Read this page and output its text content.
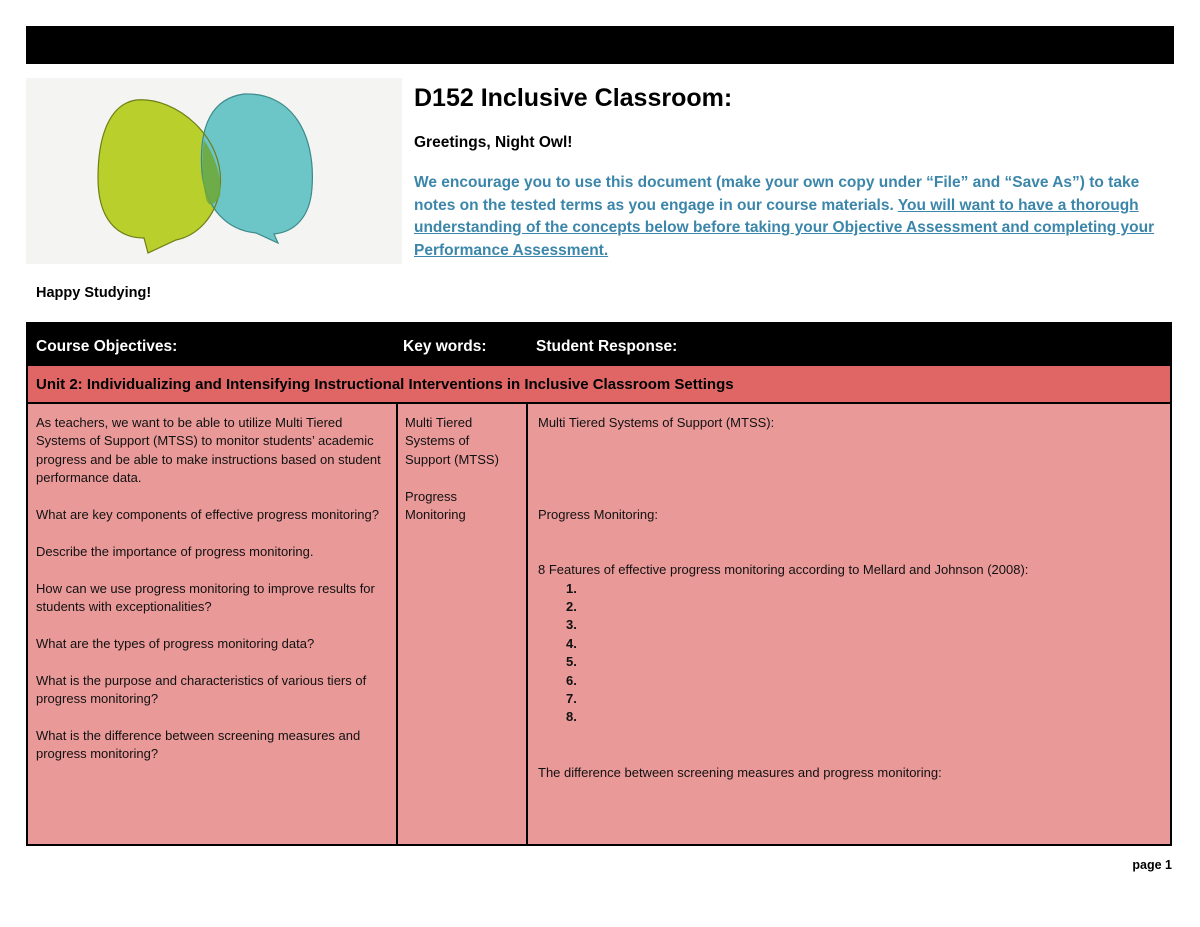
D152 Inclusive Classroom:
Greetings, Night Owl!
We encourage you to use this document (make your own copy under “File” and “Save As”) to take notes on the tested terms as you engage in our course materials. You will want to have a thorough understanding of the concepts below before taking your Objective Assessment and completing your Performance Assessment.
Happy Studying!
Course Objectives:	Key words:	Student Response:
Unit 2: Individualizing and Intensifying Instructional Interventions in Inclusive Classroom Settings

As teachers, we want to be able to utilize Multi Tiered Systems of Support (MTSS) to monitor students’ academic progress and be able to make instructions based on student performance data.

What are key components of effective progress monitoring?

Describe the importance of progress monitoring.

How can we use progress monitoring to improve results for students with exceptionalities?

What are the types of progress monitoring data?

What is the purpose and characteristics of various tiers of progress monitoring?

What is the difference between screening measures and progress monitoring?

Multi Tiered Systems of Support (MTSS)

Progress Monitoring

Multi Tiered Systems of Support (MTSS):

Progress Monitoring:

8 Features of effective progress monitoring according to Mellard and Johnson (2008):

1.
2.
3.
4.
5.
6.
7.
8.

The difference between screening measures and progress monitoring:

page 1
